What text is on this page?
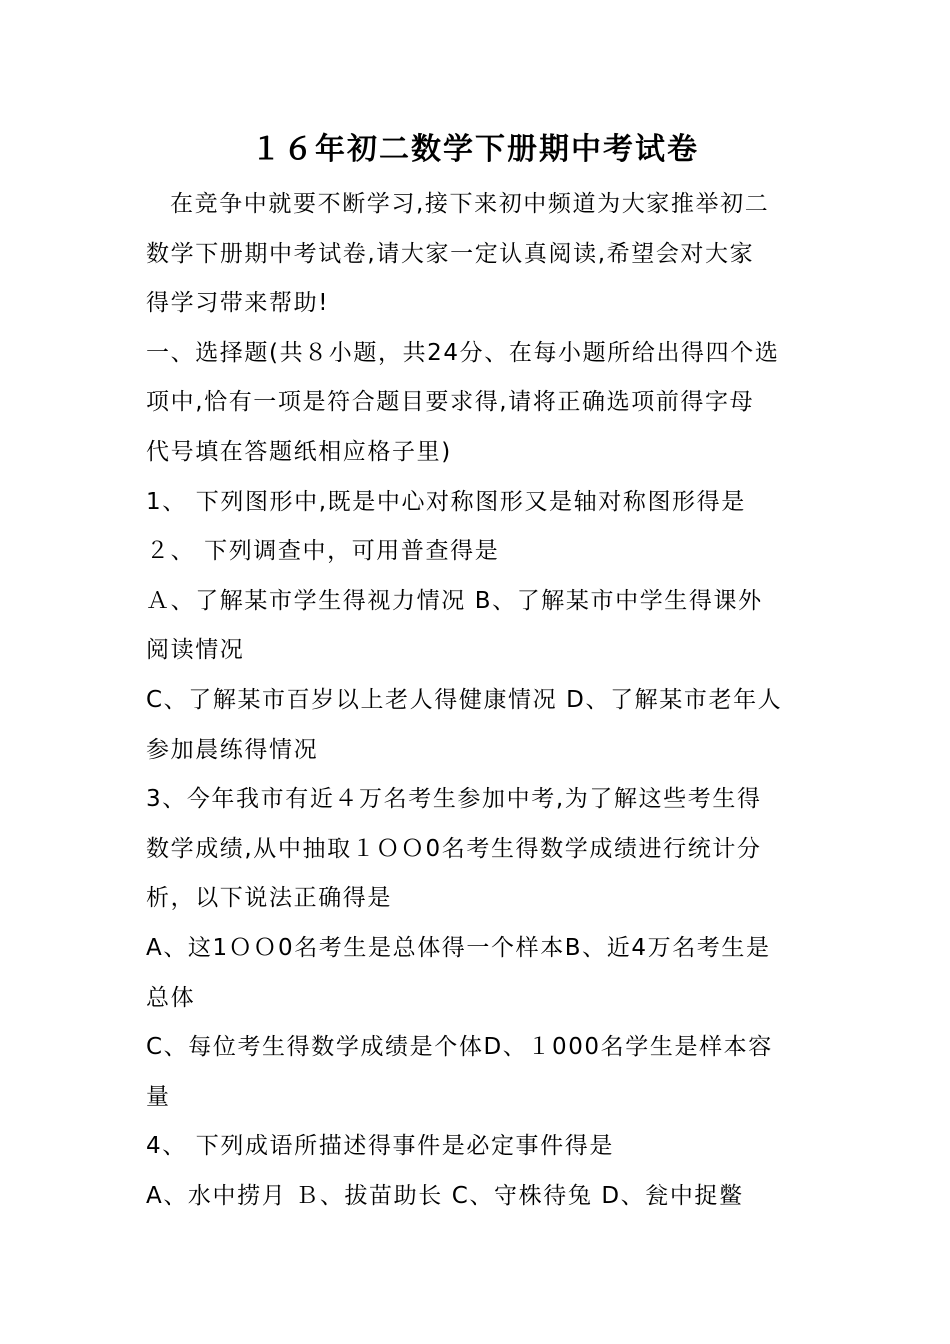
１６年初二数学下册期中考试卷

在竞争中就要不断学习,接下来初中频道为大家推举初二

数学下册期中考试卷,请大家一定认真阅读,希望会对大家

得学习带来帮助!

一、选择题(共８小题，共24分、在每小题所给出得四个选

项中,恰有一项是符合题目要求得,请将正确选项前得字母

代号填在答题纸相应格子里)

1、 下列图形中,既是中心对称图形又是轴对称图形得是

２、 下列调查中，可用普查得是

Ａ、了解某市学生得视力情况 B、了解某市中学生得课外

阅读情况

C、了解某市百岁以上老人得健康情况 D、了解某市老年人

参加晨练得情况

3、今年我市有近４万名考生参加中考,为了解这些考生得

数学成绩,从中抽取１ＯＯ0名考生得数学成绩进行统计分

析，以下说法正确得是

A、这1ＯＯ0名考生是总体得一个样本B、近4万名考生是

总体

C、每位考生得数学成绩是个体D、１000名学生是样本容

量

4、 下列成语所描述得事件是必定事件得是

A、水中捞月 Ｂ、拔苗助长 C、守株待兔 D、瓮中捉鳖
